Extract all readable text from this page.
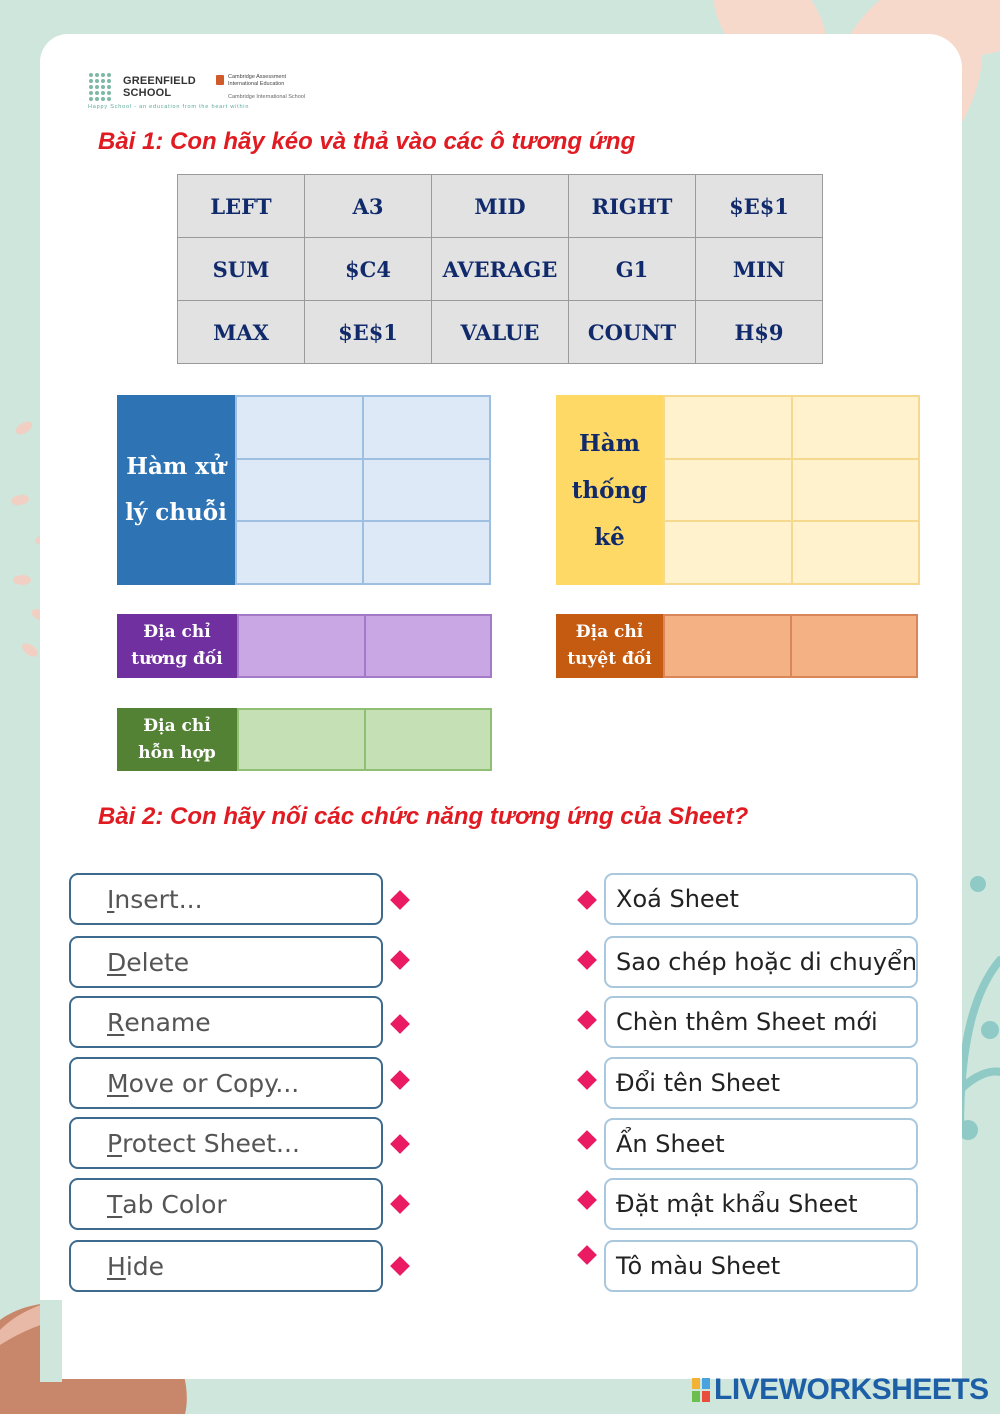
GREENFIELD SCHOOL
Cambridge Assessment International Education
Cambridge International School
Happy School - an education from the heart within
Bài 1: Con hãy kéo và thả vào các ô tương ứng
LEFT	A3	MID	RIGHT	$E$1
SUM	$C4	AVERAGE	G1	MIN
MAX	$E$1	VALUE	COUNT	H$9
Hàm xử lý chuỗi
Hàm thống kê
Địa chỉ tương đối
Địa chỉ tuyệt đối
Địa chỉ hỗn hợp
Bài 2: Con hãy nối các chức năng tương ứng của Sheet?
I nsert...
D elete
R ename
M ove or Copy...
P rotect Sheet...
T ab Color
H ide
Xoá Sheet
Sao chép hoặc di chuyển
Chèn thêm Sheet mới
Đổi tên Sheet
Ẩn Sheet
Đặt mật khẩu Sheet
Tô màu Sheet
LIVEWORKSHEETS
